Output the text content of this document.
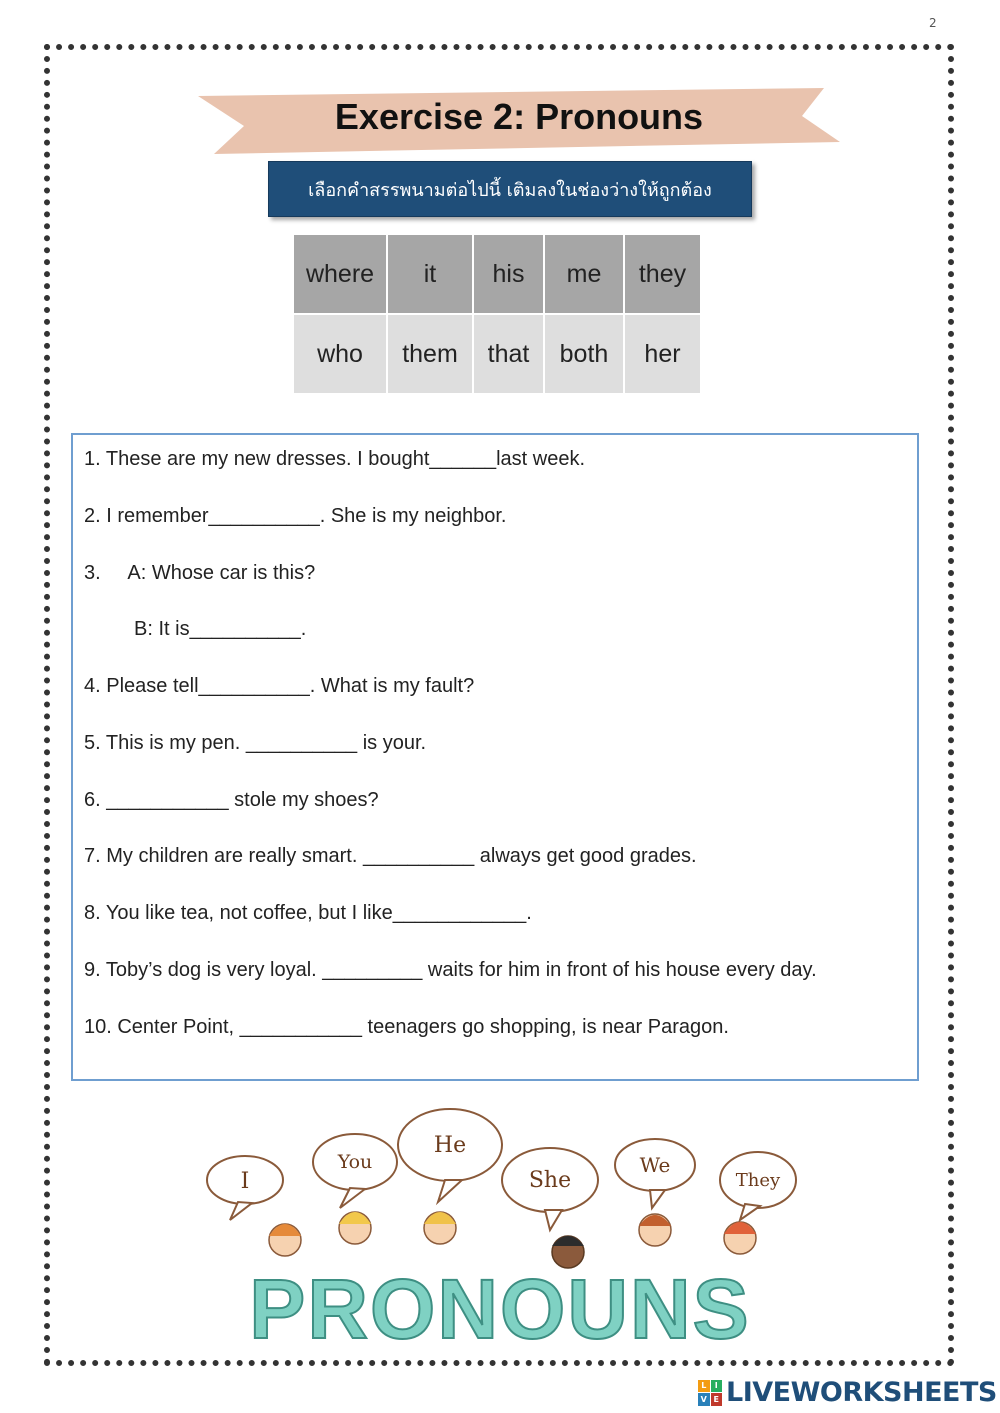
2
Exercise 2: Pronouns
เลือกคำสรรพนามต่อไปนี้ เติมลงในช่องว่างให้ถูกต้อง
where	it	his	me	they
who	them	that	both	her
1. These are my new dresses. I bought______last week.
2. I remember__________. She is my neighbor.
3.     A: Whose car is this?
B: It is__________.
4. Please tell__________. What is my fault?
5. This is my pen. __________ is your.
6. ___________ stole my shoes?
7. My children are really smart. __________ always get good grades.
8. You like tea, not coffee, but I like____________.
9. Toby’s dog is very loyal. _________ waits for him in front of his house every day.
10. Center Point, ___________ teenagers go shopping, is near Paragon.
I
You
He
She
We
They
PRONOUNS
L	I
V E LIVEWORKSHEETS
